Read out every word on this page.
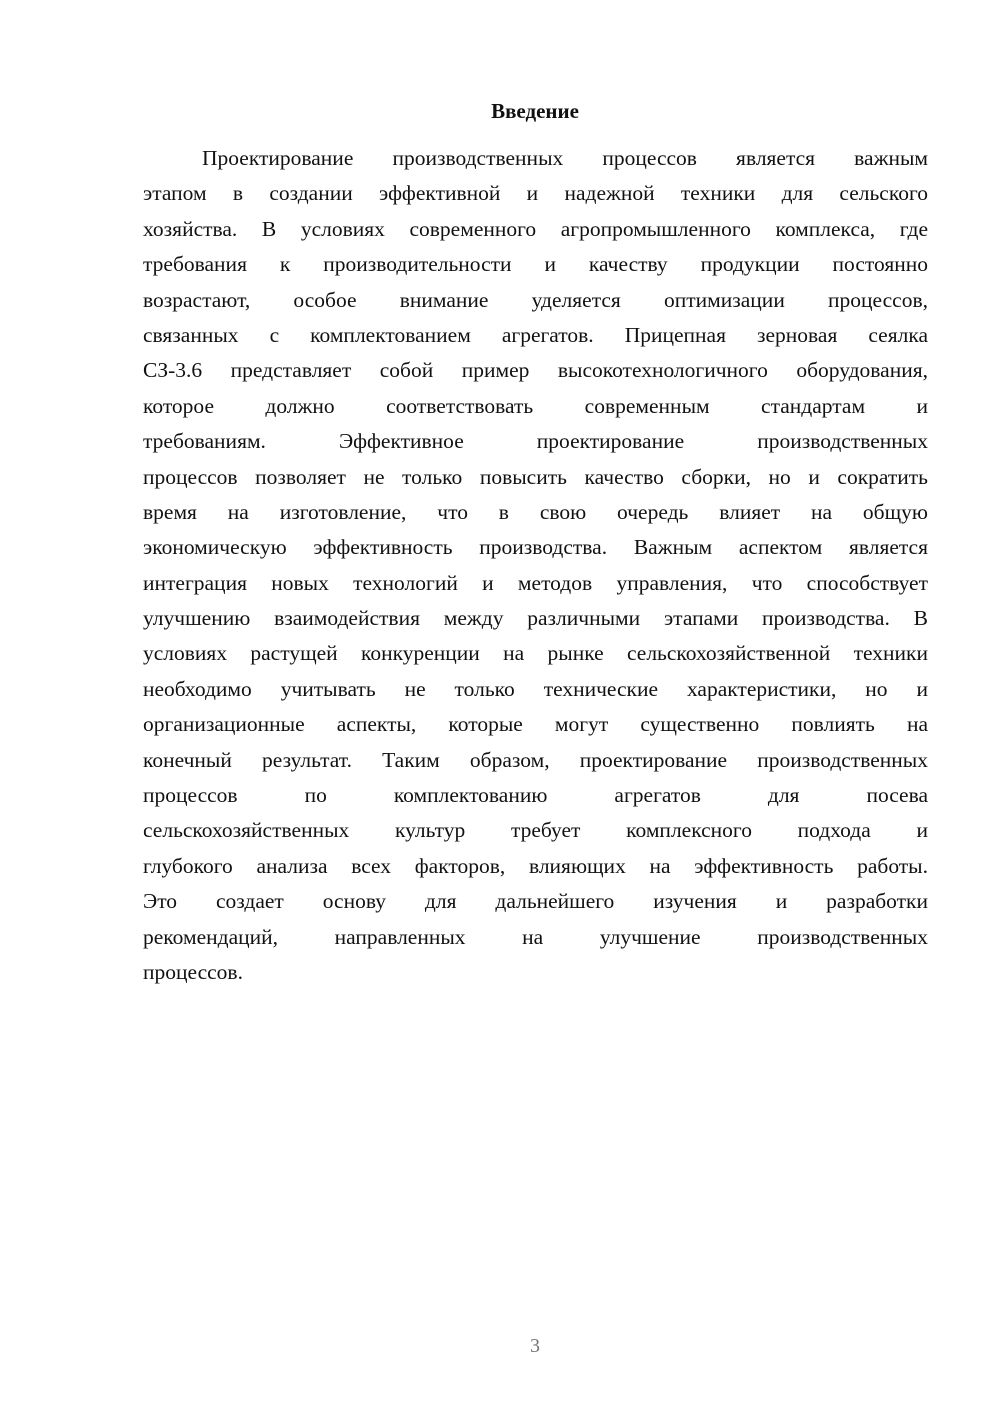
Введение
Проектирование производственных процессов является важным
этапом в создании эффективной и надежной техники для сельского
хозяйства. В условиях современного агропромышленного комплекса, где
требования к производительности и качеству продукции постоянно
возрастают, особое внимание уделяется оптимизации процессов,
связанных с комплектованием агрегатов. Прицепная зерновая сеялка
СЗ-3.6 представляет собой пример высокотехнологичного оборудования,
которое должно соответствовать современным стандартам и
требованиям. Эффективное проектирование производственных
процессов позволяет не только повысить качество сборки, но и сократить
время на изготовление, что в свою очередь влияет на общую
экономическую эффективность производства. Важным аспектом является
интеграция новых технологий и методов управления, что способствует
улучшению взаимодействия между различными этапами производства. В
условиях растущей конкуренции на рынке сельскохозяйственной техники
необходимо учитывать не только технические характеристики, но и
организационные аспекты, которые могут существенно повлиять на
конечный результат. Таким образом, проектирование производственных
процессов по комплектованию агрегатов для посева
сельскохозяйственных культур требует комплексного подхода и
глубокого анализа всех факторов, влияющих на эффективность работы.
Это создает основу для дальнейшего изучения и разработки
рекомендаций, направленных на улучшение производственных
процессов.
3
